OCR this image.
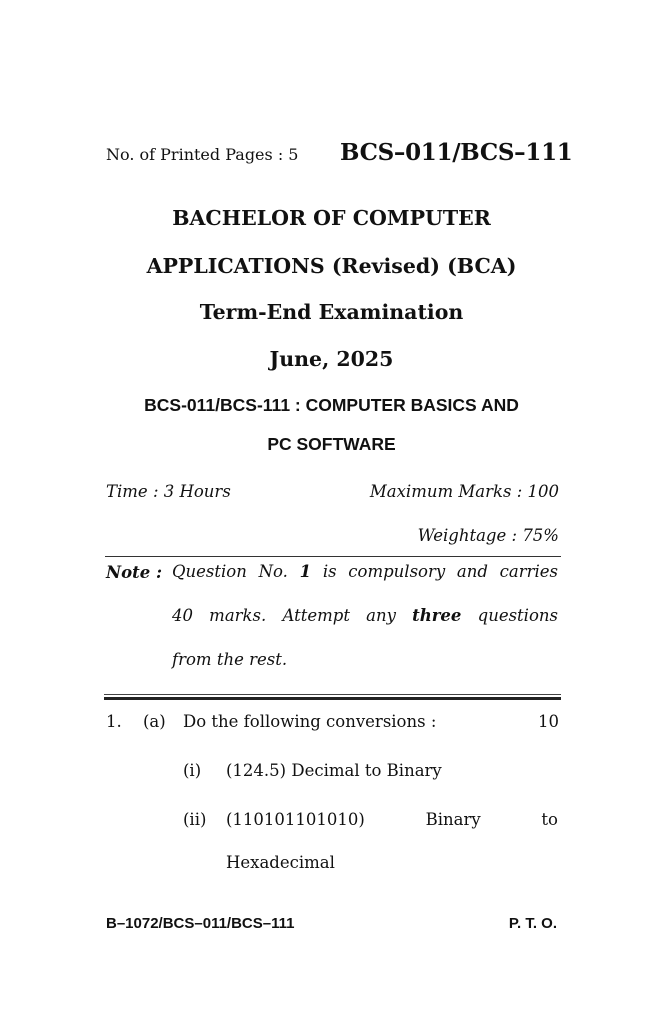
No. of Printed Pages : 5 BCS–011/BCS–111
BACHELOR OF COMPUTER
APPLICATIONS (Revised) (BCA)
Term-End Examination
June, 2025
BCS-011/BCS-111 : COMPUTER BASICS AND
PC SOFTWARE
Time : 3 Hours	Maximum Marks : 100
Weightage : 75%
Note : Question No. 1 is compulsory and carries
40 marks. Attempt any three questions
from the rest.
1. (a) Do the following conversions :	10
(i) (124.5) Decimal to Binary
(ii) (110101101010)	Binary	to
Hexadecimal
B–1072/BCS–011/BCS–111	P. T. O.
